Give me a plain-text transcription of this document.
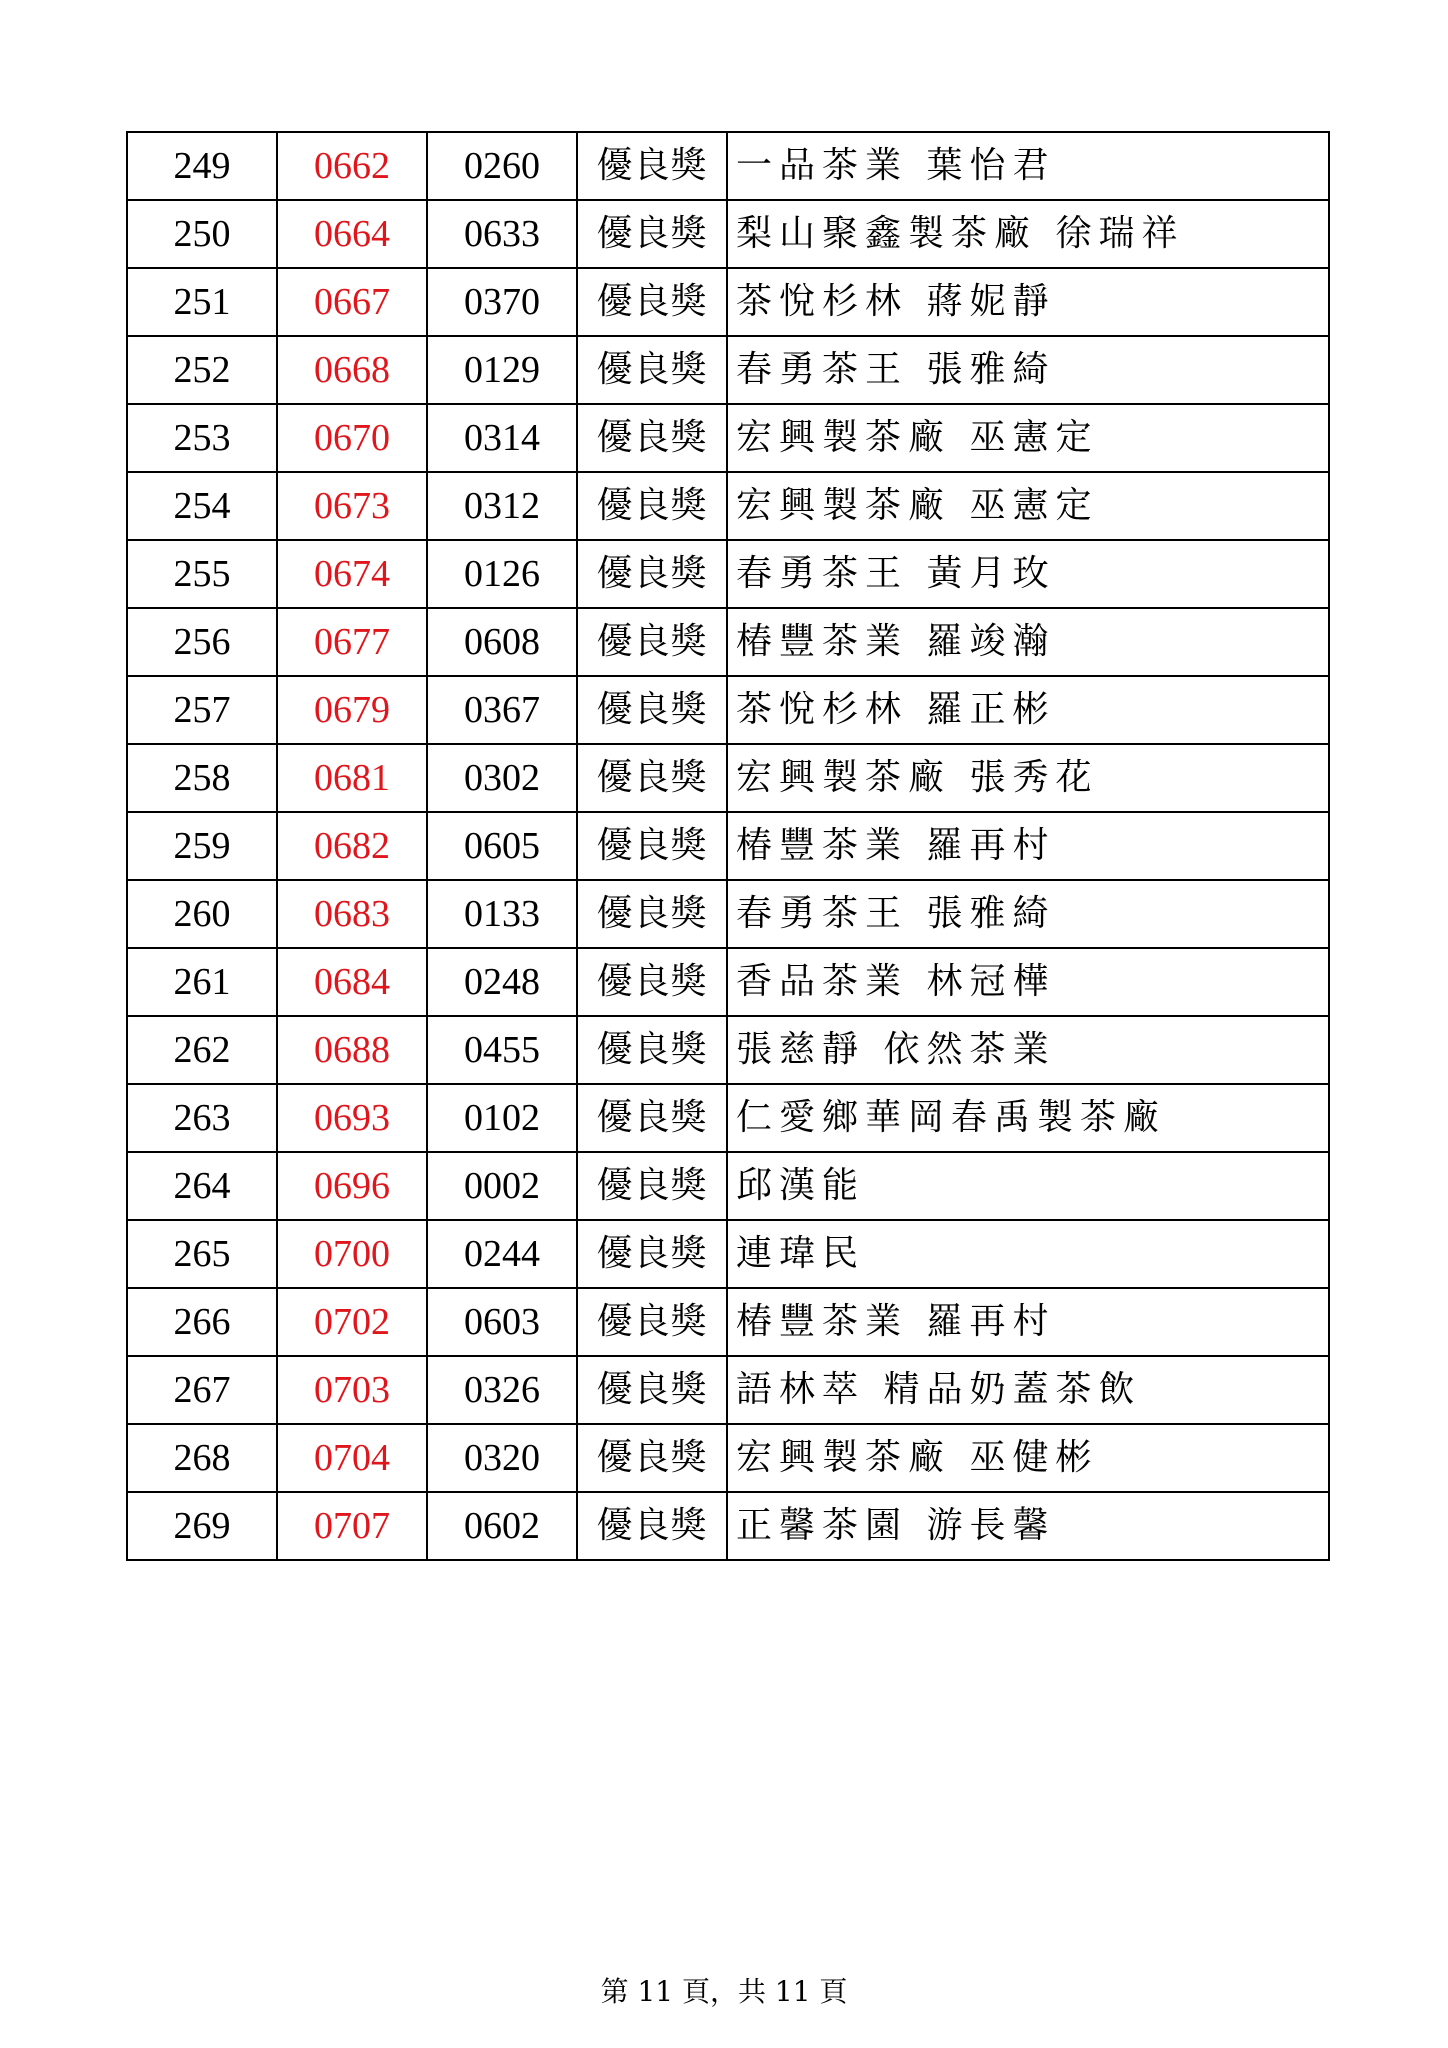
249	0662	0260	優良獎	一品茶業 葉怡君
250	0664	0633	優良獎	梨山聚鑫製茶廠 徐瑞祥
251	0667	0370	優良獎	茶悅杉林 蔣妮靜
252	0668	0129	優良獎	春勇茶王 張雅綺
253	0670	0314	優良獎	宏興製茶廠 巫憲定
254	0673	0312	優良獎	宏興製茶廠 巫憲定
255	0674	0126	優良獎	春勇茶王 黃月玫
256	0677	0608	優良獎	椿豐茶業 羅竣瀚
257	0679	0367	優良獎	茶悅杉林 羅正彬
258	0681	0302	優良獎	宏興製茶廠 張秀花
259	0682	0605	優良獎	椿豐茶業 羅再村
260	0683	0133	優良獎	春勇茶王 張雅綺
261	0684	0248	優良獎	香品茶業 林冠樺
262	0688	0455	優良獎	張慈靜 依然茶業
263	0693	0102	優良獎	仁愛鄉華岡春禹製茶廠
264	0696	0002	優良獎	邱漢能
265	0700	0244	優良獎	連瑋民
266	0702	0603	優良獎	椿豐茶業 羅再村
267	0703	0326	優良獎	語林萃 精品奶蓋茶飲
268	0704	0320	優良獎	宏興製茶廠 巫健彬
269	0707	0602	優良獎	正馨茶園 游長馨
第 11 頁，共 11 頁
